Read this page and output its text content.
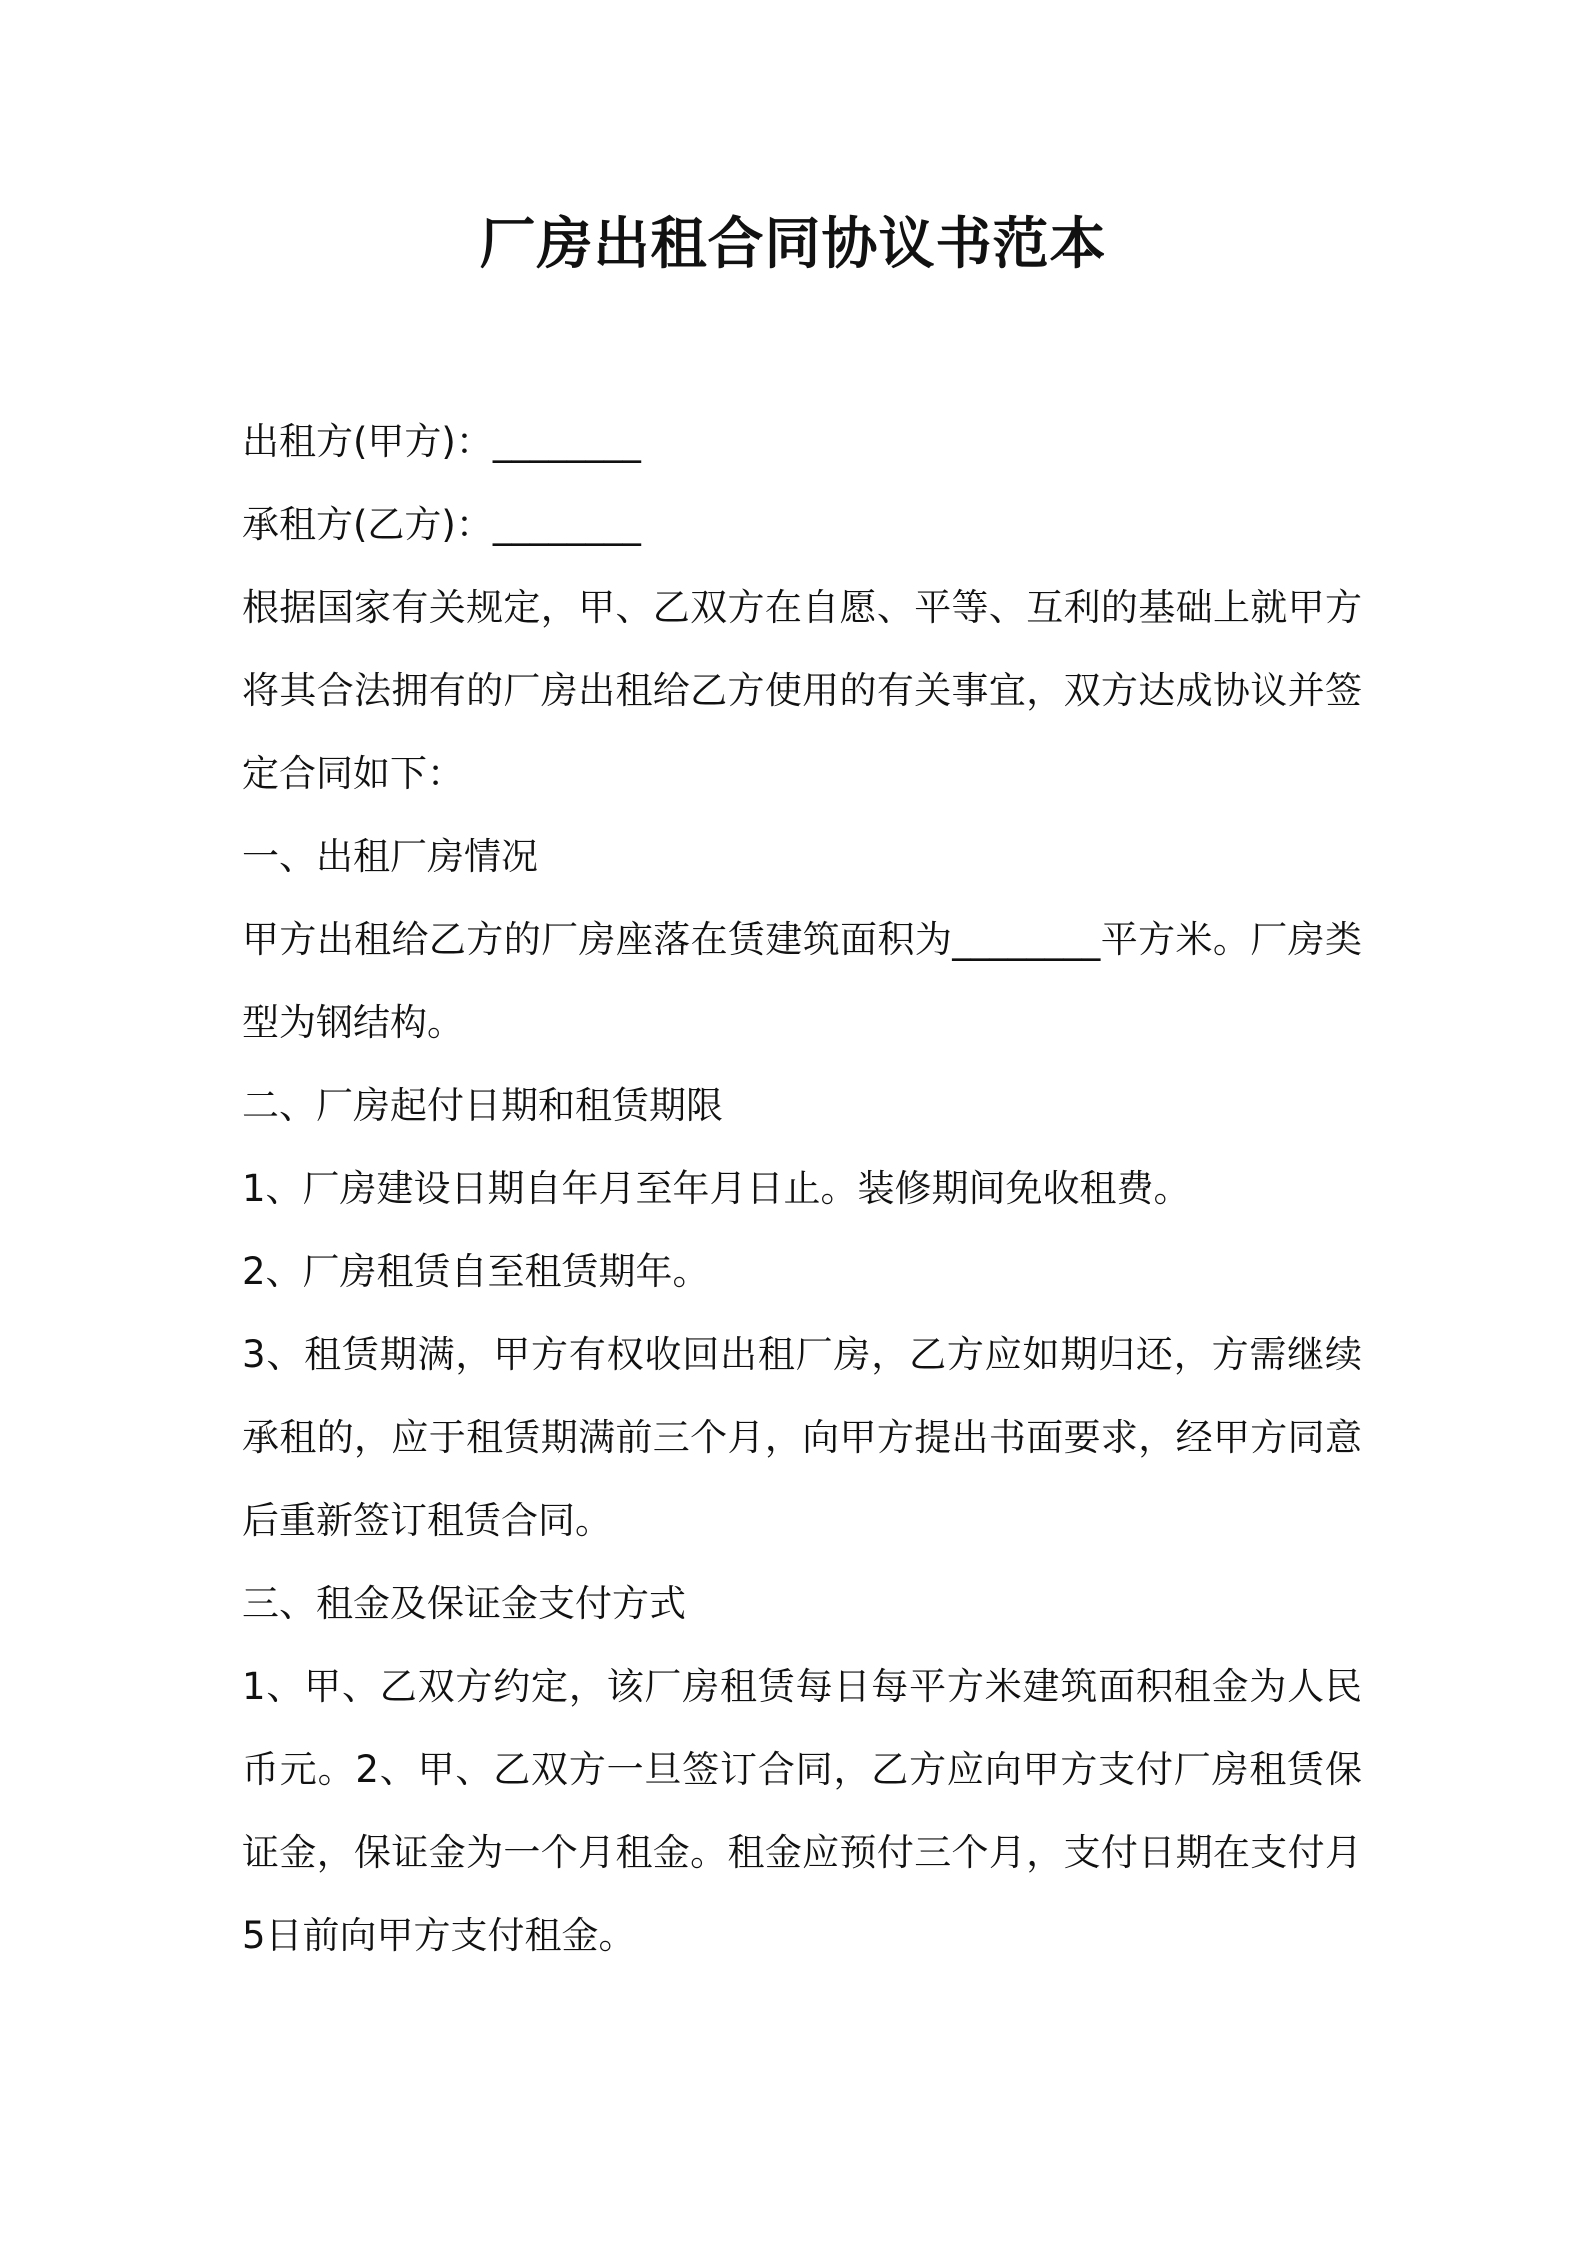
厂房出租合同协议书范本
出租方(甲方)：________
承租方(乙方)：________

根据国家有关规定，甲、乙双方在自愿、平等、互利的基础上就甲方将其合法拥有的厂房出租给乙方使用的有关事宜，双方达成协议并签定合同如下：

一、出租厂房情况

甲方出租给乙方的厂房座落在赁建筑面积为________平方米。厂房类型为钢结构。

二、厂房起付日期和租赁期限

1、厂房建设日期自年月至年月日止。装修期间免收租费。

2、厂房租赁自至租赁期年。

3、租赁期满，甲方有权收回出租厂房，乙方应如期归还，方需继续承租的，应于租赁期满前三个月，向甲方提出书面要求，经甲方同意后重新签订租赁合同。

三、租金及保证金支付方式

1、甲、乙双方约定，该厂房租赁每日每平方米建筑面积租金为人民币元。2、甲、乙双方一旦签订合同，乙方应向甲方支付厂房租赁保证金，保证金为一个月租金。租金应预付三个月，支付日期在支付月5日前向甲方支付租金。
